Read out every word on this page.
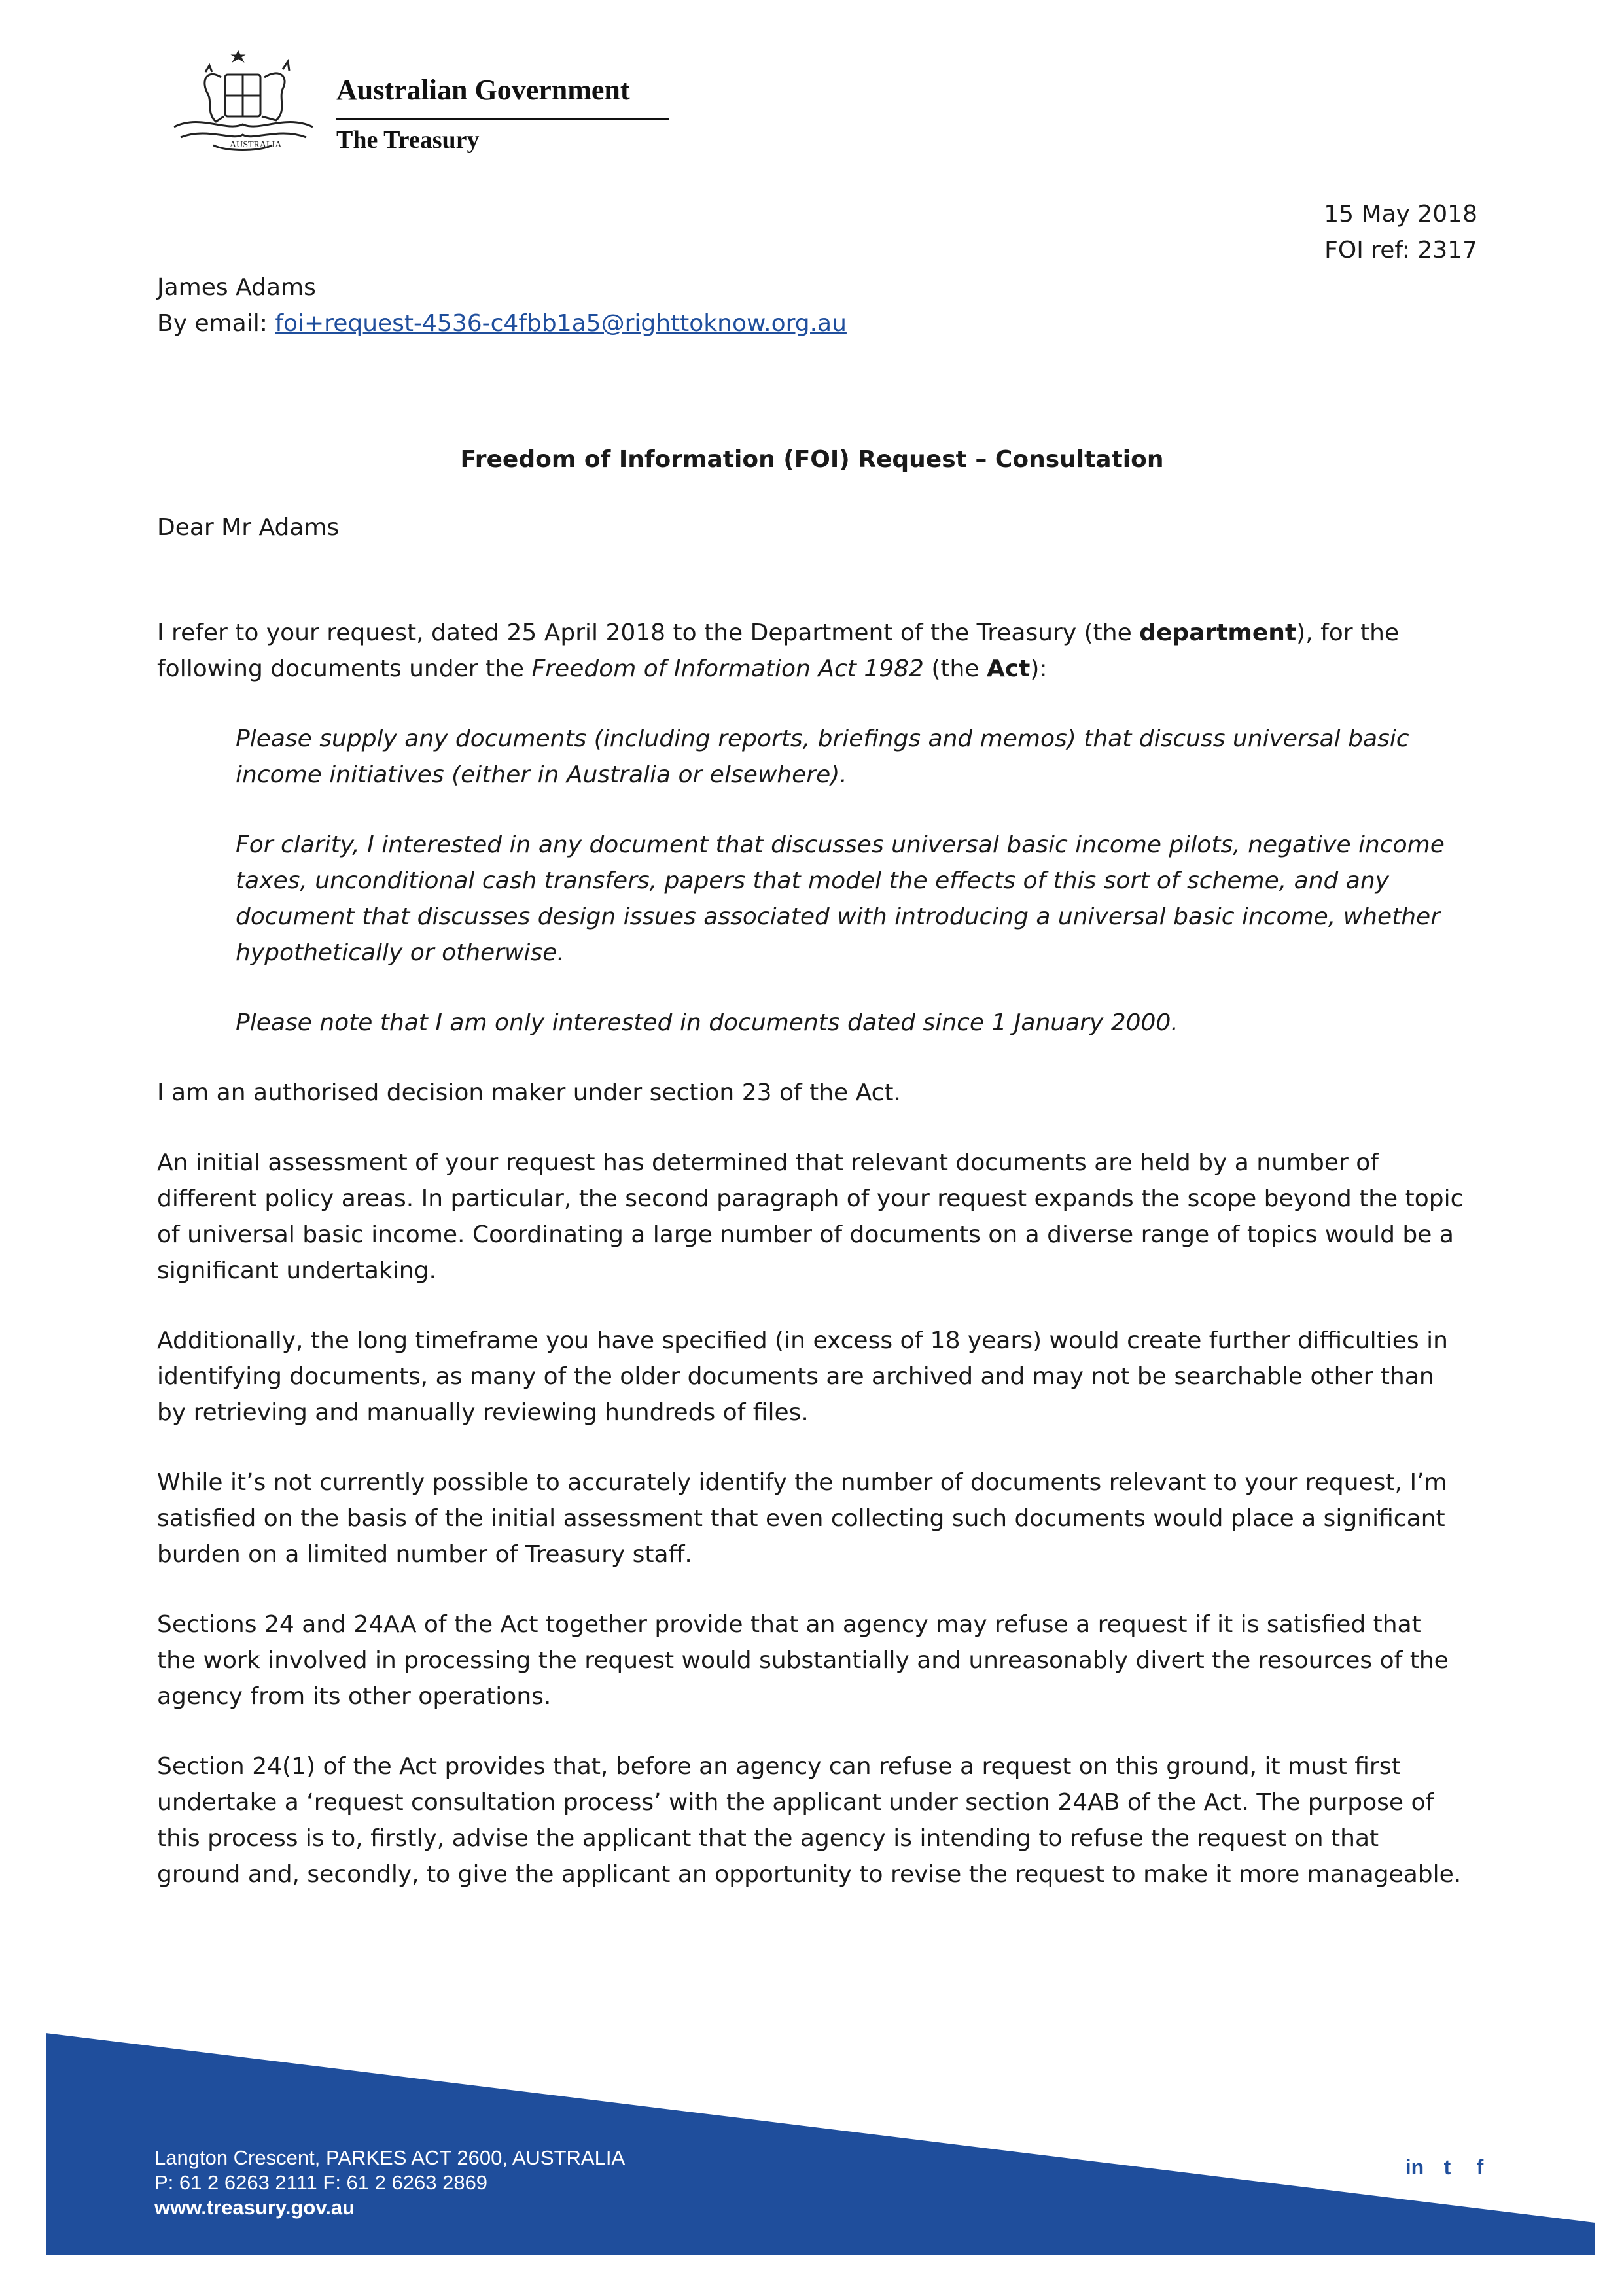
AUSTRALIA
Australian Government
The Treasury
15 May 2018
FOI ref: 2317
James Adams
By email: foi+request-4536-c4fbb1a5@righttoknow.org.au
Freedom of Information (FOI) Request – Consultation
Dear Mr Adams

I refer to your request, dated 25 April 2018 to the Department of the Treasury (the department), for the following documents under the Freedom of Information Act 1982 (the Act):

Please supply any documents (including reports, briefings and memos) that discuss universal basic income initiatives (either in Australia or elsewhere).

For clarity, I interested in any document that discusses universal basic income pilots, negative income taxes, unconditional cash transfers, papers that model the effects of this sort of scheme, and any document that discusses design issues associated with introducing a universal basic income, whether hypothetically or otherwise.

Please note that I am only interested in documents dated since 1 January 2000.

I am an authorised decision maker under section 23 of the Act.

An initial assessment of your request has determined that relevant documents are held by a number of different policy areas. In particular, the second paragraph of your request expands the scope beyond the topic of universal basic income. Coordinating a large number of documents on a diverse range of topics would be a significant undertaking.

Additionally, the long timeframe you have specified (in excess of 18 years) would create further difficulties in identifying documents, as many of the older documents are archived and may not be searchable other than by retrieving and manually reviewing hundreds of files.

While it’s not currently possible to accurately identify the number of documents relevant to your request, I’m satisfied on the basis of the initial assessment that even collecting such documents would place a significant burden on a limited number of Treasury staff.

Sections 24 and 24AA of the Act together provide that an agency may refuse a request if it is satisfied that the work involved in processing the request would substantially and unreasonably divert the resources of the agency from its other operations.

Section 24(1) of the Act provides that, before an agency can refuse a request on this ground, it must first undertake a ‘request consultation process’ with the applicant under section 24AB of the Act. The purpose of this process is to, firstly, advise the applicant that the agency is intending to refuse the request on that ground and, secondly, to give the applicant an opportunity to revise the request to make it more manageable.

Langton Crescent, PARKES ACT 2600, AUSTRALIA
P: 61 2 6263 2111 F: 61 2 6263 2869
www.treasury.gov.au
in t	f
